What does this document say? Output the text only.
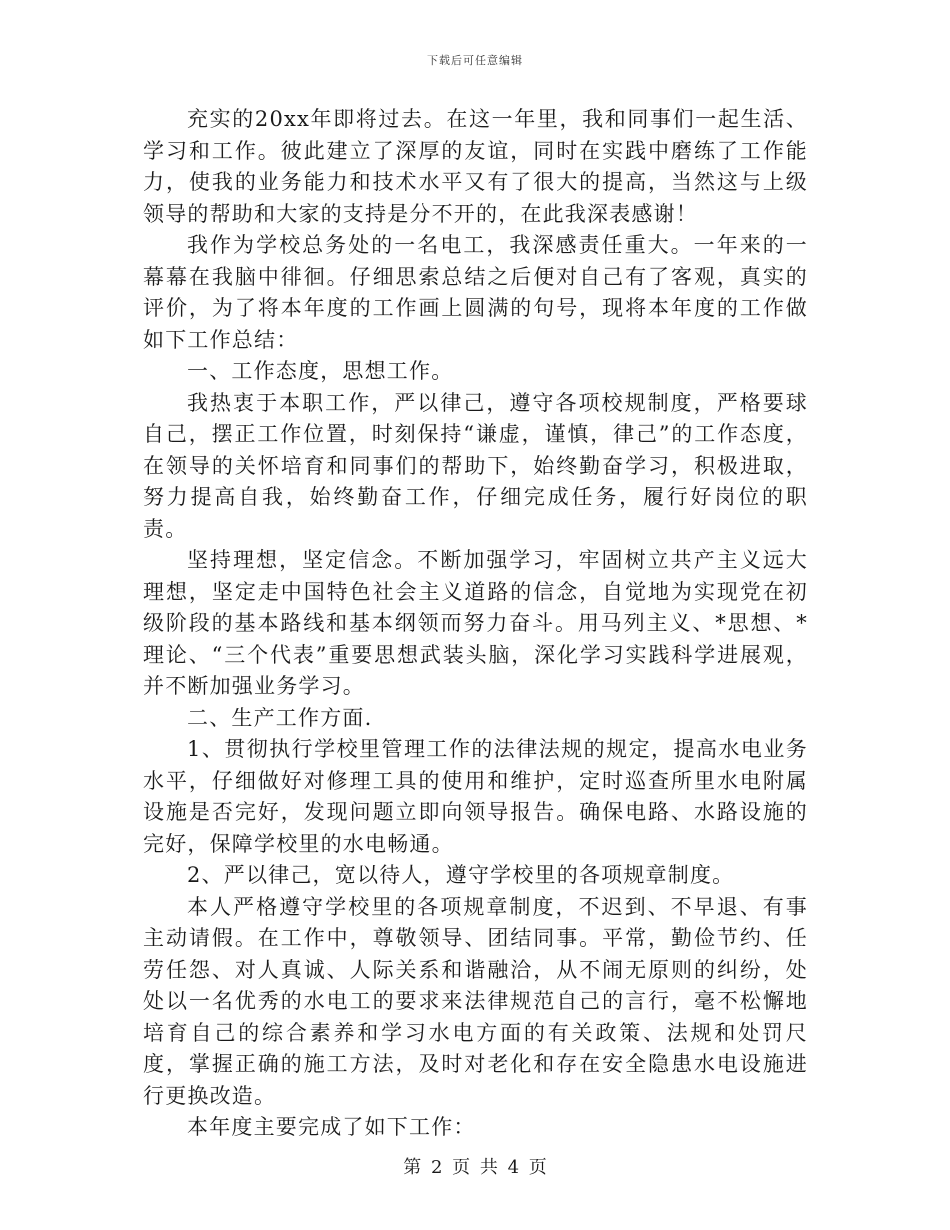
下载后可任意编辑

充实的20xx年即将过去。在这一年里，我和同事们一起生活、学习和工作。彼此建立了深厚的友谊，同时在实践中磨练了工作能力，使我的业务能力和技术水平又有了很大的提高，当然这与上级领导的帮助和大家的支持是分不开的，在此我深表感谢！

我作为学校总务处的一名电工，我深感责任重大。一年来的一幕幕在我脑中徘徊。仔细思索总结之后便对自己有了客观，真实的评价，为了将本年度的工作画上圆满的句号，现将本年度的工作做如下工作总结：

一、工作态度，思想工作。

我热衷于本职工作，严以律己，遵守各项校规制度，严格要球自己，摆正工作位置，时刻保持“谦虚，谨慎，律己”的工作态度，在领导的关怀培育和同事们的帮助下，始终勤奋学习，积极进取，努力提高自我，始终勤奋工作，仔细完成任务，履行好岗位的职责。

坚持理想，坚定信念。不断加强学习，牢固树立共产主义远大理想，坚定走中国特色社会主义道路的信念，自觉地为实现党在初级阶段的基本路线和基本纲领而努力奋斗。用马列主义、*思想、*理论、“三个代表”重要思想武装头脑，深化学习实践科学进展观，并不断加强业务学习。

二、生产工作方面.

1、贯彻执行学校里管理工作的法律法规的规定，提高水电业务水平，仔细做好对修理工具的使用和维护，定时巡查所里水电附属设施是否完好，发现问题立即向领导报告。确保电路、水路设施的完好，保障学校里的水电畅通。

2、严以律己，宽以待人，遵守学校里的各项规章制度。

本人严格遵守学校里的各项规章制度，不迟到、不早退、有事主动请假。在工作中，尊敬领导、团结同事。平常，勤俭节约、任劳任怨、对人真诚、人际关系和谐融洽，从不闹无原则的纠纷，处处以一名优秀的水电工的要求来法律规范自己的言行，毫不松懈地培育自己的综合素养和学习水电方面的有关政策、法规和处罚尺度，掌握正确的施工方法，及时对老化和存在安全隐患水电设施进行更换改造。

本年度主要完成了如下工作：

第 2 页 共 4 页
